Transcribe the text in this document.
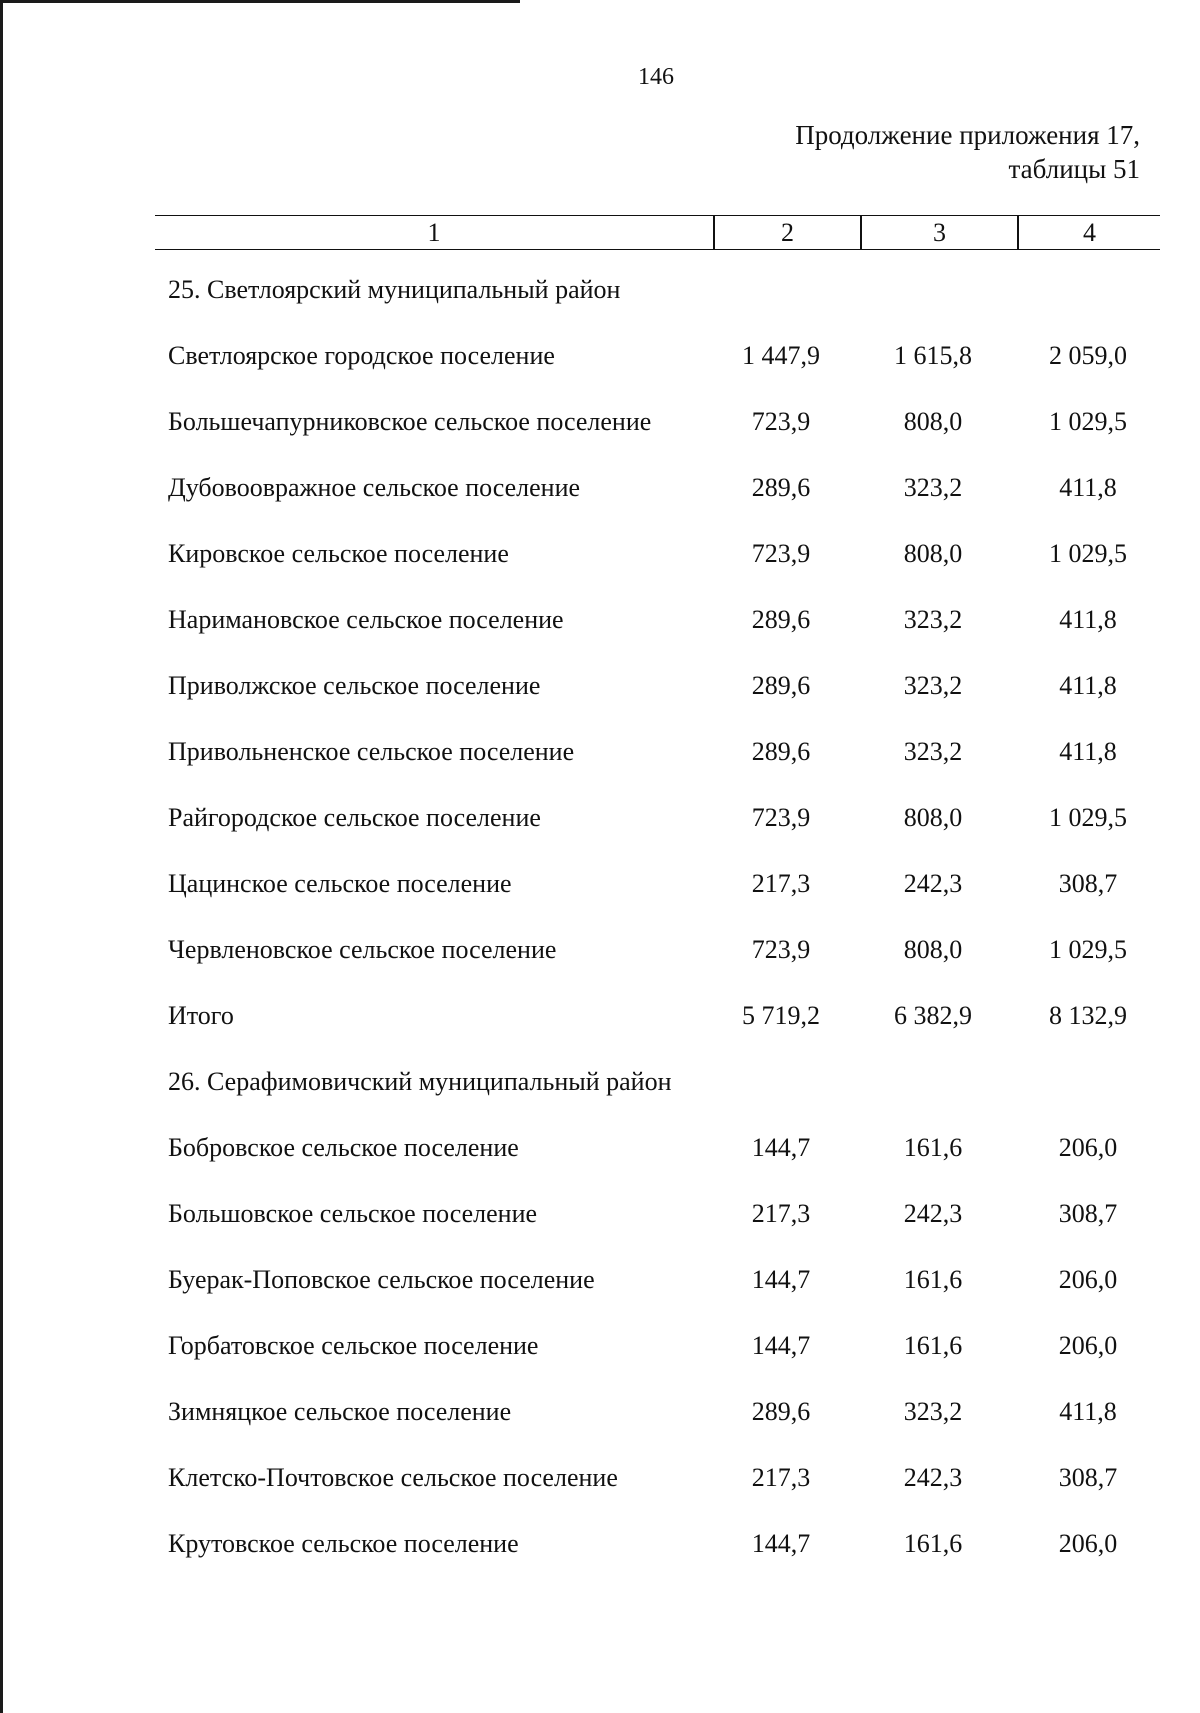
146
Продолжение приложения 17,
таблицы 51
1	2	3	4
25. Светлоярский муниципальный район
Светлоярское городское поселение	1 447,9	1 615,8	2 059,0
Большечапурниковское сельское поселение	723,9	808,0	1 029,5
Дубовооврaжное сельское поселение	289,6	323,2	411,8
Кировское сельское поселение	723,9	808,0	1 029,5
Наримановское сельское поселение	289,6	323,2	411,8
Приволжское сельское поселение	289,6	323,2	411,8
Привольненское сельское поселение	289,6	323,2	411,8
Райгородское сельское поселение	723,9	808,0	1 029,5
Цацинское сельское поселение	217,3	242,3	308,7
Червленовское сельское поселение	723,9	808,0	1 029,5
Итого	5 719,2	6 382,9	8 132,9
26. Серафимовичский муниципальный район
Бобровское сельское поселение	144,7	161,6	206,0
Большовское сельское поселение	217,3	242,3	308,7
Буерак-Поповское сельское поселение	144,7	161,6	206,0
Горбатовское сельское поселение	144,7	161,6	206,0
Зимняцкое сельское поселение	289,6	323,2	411,8
Клетско-Почтовское сельское поселение	217,3	242,3	308,7
Крутовское сельское поселение	144,7	161,6	206,0
